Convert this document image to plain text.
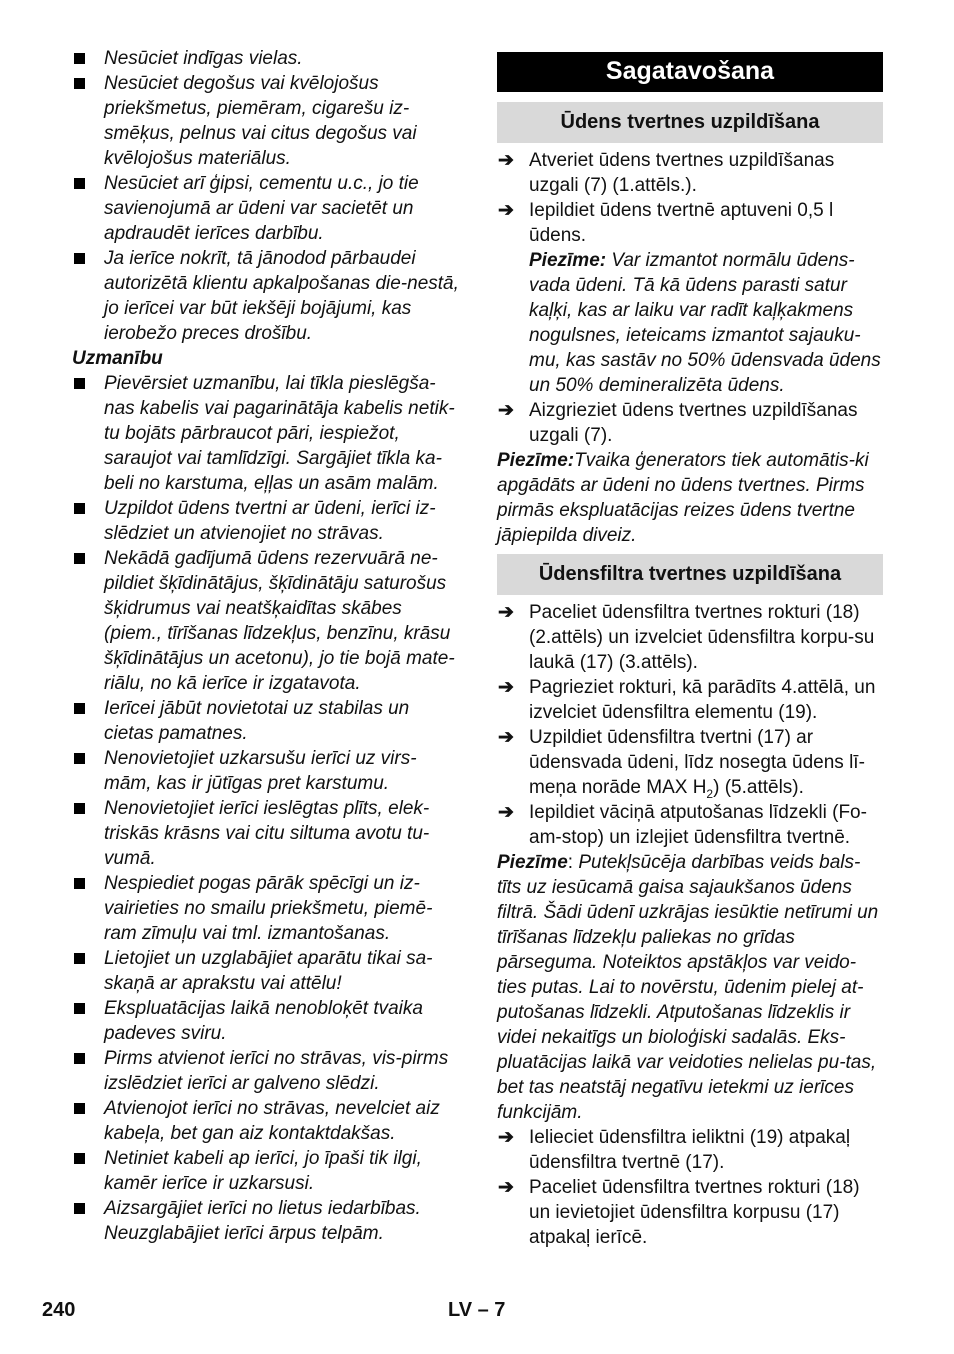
Nesūciet indīgas vielas.
Nesūciet degošus vai kvēlojošus priekšmetus, piemēram, cigarešu iz-smēķus, pelnus vai citus degošus vai kvēlojošus materiālus.
Nesūciet arī ģipsi, cementu u.c., jo tie savienojumā ar ūdeni var sacietēt un apdraudēt ierīces darbību.
Ja ierīce nokrīt, tā jānodod pārbaudei autorizētā klientu apkalpošanas die-nestā, jo ierīcei var būt iekšēji bojājumi, kas ierobežo preces drošību.
Uzmanību
Pievērsiet uzmanību, lai tīkla pieslēgša-nas kabelis vai pagarinātāja kabelis netik-tu bojāts pārbraucot pāri, iespiežot, saraujot vai tamlīdzīgi. Sargājiet tīkla ka-beli no karstuma, eļļas un asām malām.
Uzpildot ūdens tvertni ar ūdeni, ierīci iz-slēdziet un atvienojiet no strāvas.
Nekādā gadījumā ūdens rezervuārā ne-pildiet šķīdinātājus, šķīdinātāju saturošus šķidrumus vai neatšķaidītas skābes (piem., tīrīšanas līdzekļus, benzīnu, krāsu šķīdinātājus un acetonu), jo tie bojā mate-riālu, no kā ierīce ir izgatavota.
Ierīcei jābūt novietotai uz stabilas un cietas pamatnes.
Nenovietojiet uzkarsušu ierīci uz virs-mām, kas ir jūtīgas pret karstumu.
Nenovietojiet ierīci ieslēgtas plīts, elek-triskās krāsns vai citu siltuma avotu tu-vumā.
Nespiediet pogas pārāk spēcīgi un iz-vairieties no smailu priekšmetu, piemē-ram zīmuļu vai tml. izmantošanas.
Lietojiet un uzglabājiet aparātu tikai sa-skaņā ar aprakstu vai attēlu!
Ekspluatācijas laikā nenobloķēt tvaika padeves sviru.
Pirms atvienot ierīci no strāvas, vis-pirms izslēdziet ierīci ar galveno slēdzi.
Atvienojot ierīci no strāvas, nevelciet aiz kabeļa, bet gan aiz kontaktdakšas.
Netiniet kabeli ap ierīci, jo īpaši tik ilgi, kamēr ierīce ir uzkarsusi.
Aizsargājiet ierīci no lietus iedarbības. Neuzglabājiet ierīci ārpus telpām.
Sagatavošana
Ūdens tvertnes uzpildīšana
➔ Atveriet ūdens tvertnes uzpildīšanas uzgali (7) (1.attēls.).
➔ Iepildiet ūdens tvertnē aptuveni 0,5 l ūdens.
Piezīme: Var izmantot normālu ūdens-vada ūdeni. Tā kā ūdens parasti satur kaļķi, kas ar laiku var radīt kaļķakmens nogulsnes, ieteicams izmantot sajauku-mu, kas sastāv no 50% ūdensvada ūdens un 50% demineralizēta ūdens.
➔ Aizgrieziet ūdens tvertnes uzpildīšanas uzgali (7).
Piezīme:Tvaika ģenerators tiek automātis-ki apgādāts ar ūdeni no ūdens tvertnes. Pirms pirmās ekspluatācijas reizes ūdens tvertne jāpiepilda diveiz.
Ūdensfiltra tvertnes uzpildīšana
➔ Paceliet ūdensfiltra tvertnes rokturi (18) (2.attēls) un izvelciet ūdensfiltra korpu-su laukā (17) (3.attēls).
➔ Pagrieziet rokturi, kā parādīts 4.attēlā, un izvelciet ūdensfiltra elementu (19).
➔ Uzpildiet ūdensfiltra tvertni (17) ar ūdensvada ūdeni, līdz nosegta ūdens lī-meņa norāde MAX $H_2$) (5.attēls).
➔ Iepildiet vāciņā atputošanas līdzekli (Fo-am-stop) un izlejiet ūdensfiltra tvertnē.
Piezīme: Putekļsūcēja darbības veids bals-tīts uz iesūcamā gaisa sajaukšanos ūdens filtrā. Šādi ūdenī uzkrājas iesūktie netīrumi un tīrīšanas līdzekļu paliekas no grīdas pārseguma. Noteiktos apstākļos var veido-ties putas. Lai to novērstu, ūdenim pielej at-putošanas līdzekli. Atputošanas līdzeklis ir videi nekaitīgs un bioloģiski sadalās. Eks-pluatācijas laikā var veidoties nelielas pu-tas, bet tas neatstāj negatīvu ietekmi uz ierīces funkcijām.
➔ Ielieciet ūdensfiltra ieliktni (19) atpakaļ ūdensfiltra tvertnē (17).
➔ Paceliet ūdensfiltra tvertnes rokturi (18) un ievietojiet ūdensfiltra korpusu (17) atpakaļ ierīcē.
240	LV – 7
